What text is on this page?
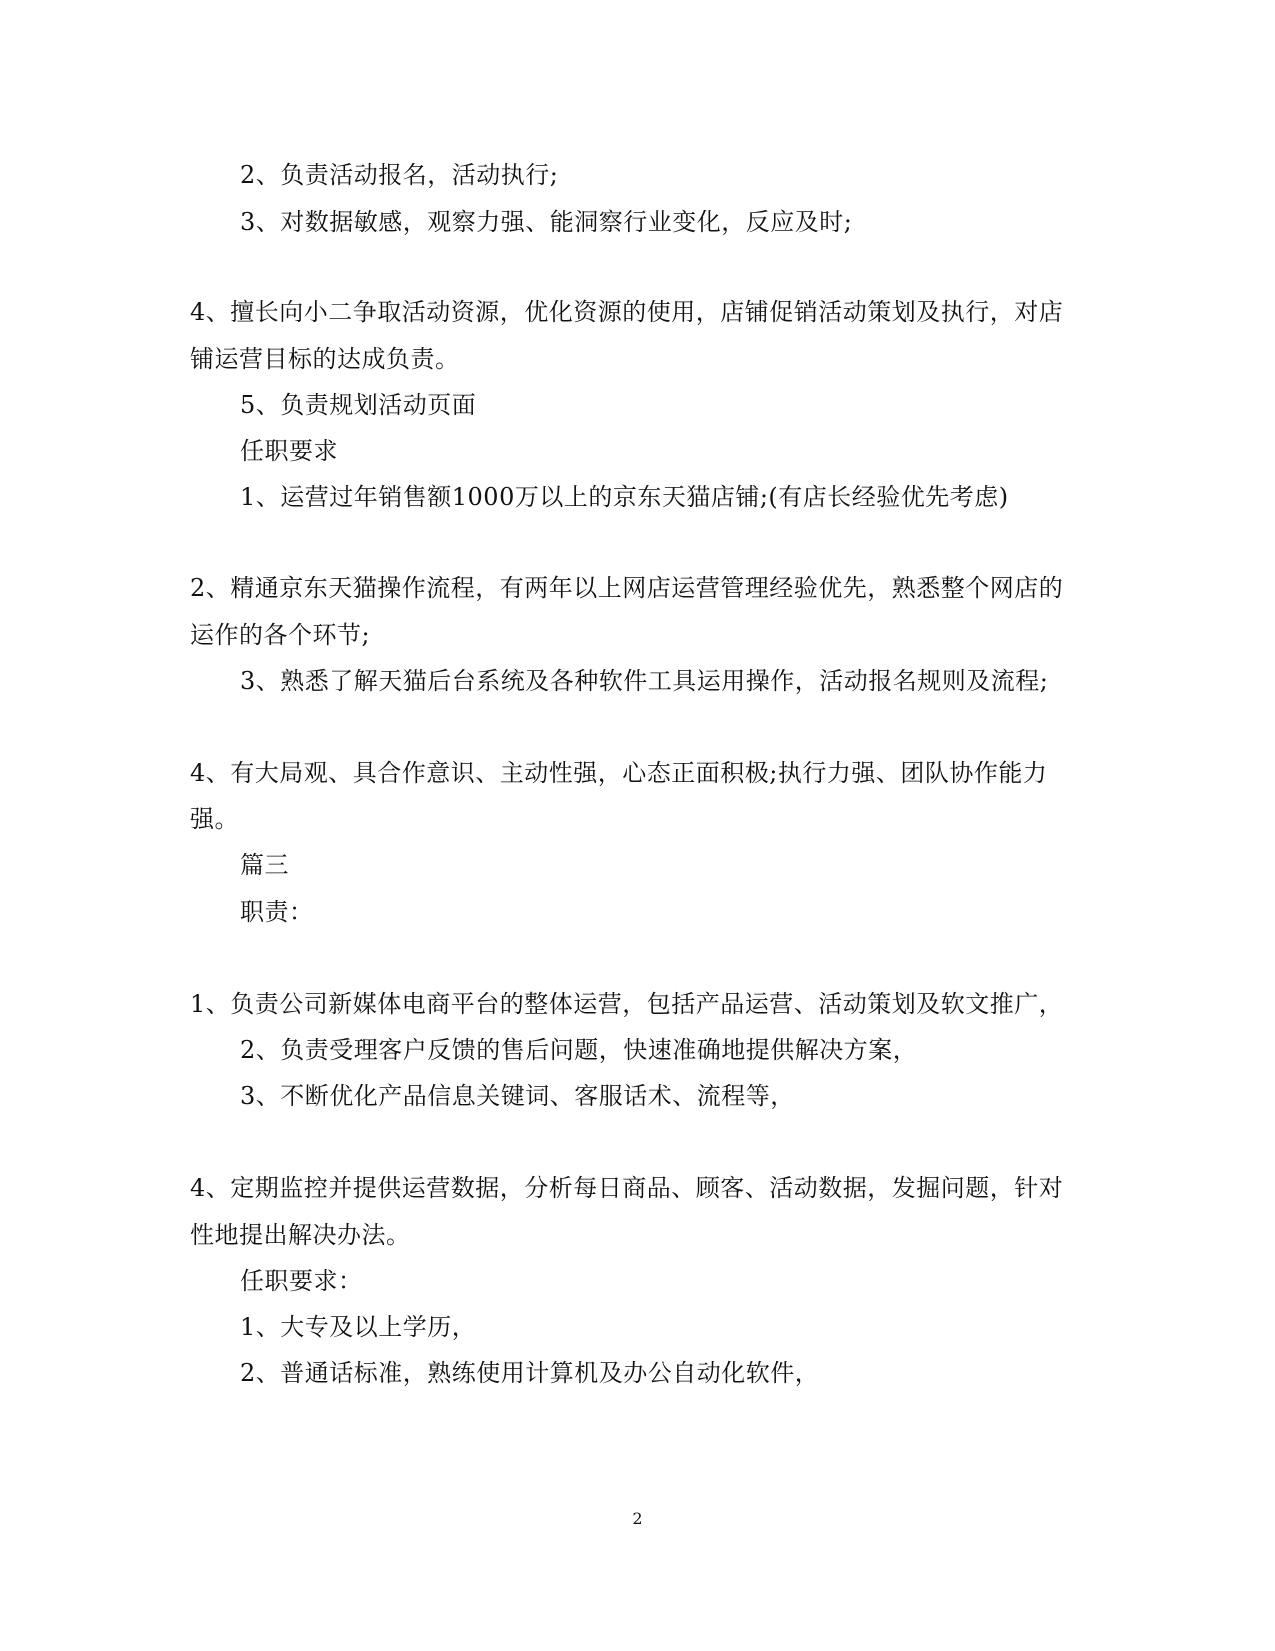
2、负责活动报名，活动执行;
3、对数据敏感，观察力强、能洞察行业变化，反应及时;
4、擅长向小二争取活动资源，优化资源的使用，店铺促销活动策划及执行，对店
铺运营目标的达成负责。
5、负责规划活动页面
任职要求
1、运营过年销售额1000万以上的京东天猫店铺;(有店长经验优先考虑)
2、精通京东天猫操作流程，有两年以上网店运营管理经验优先，熟悉整个网店的
运作的各个环节;
3、熟悉了解天猫后台系统及各种软件工具运用操作，活动报名规则及流程;
4、有大局观、具合作意识、主动性强，心态正面积极;执行力强、团队协作能力
强。
篇三
职责：
1、负责公司新媒体电商平台的整体运营，包括产品运营、活动策划及软文推广，
2、负责受理客户反馈的售后问题，快速准确地提供解决方案，
3、不断优化产品信息关键词、客服话术、流程等，
4、定期监控并提供运营数据，分析每日商品、顾客、活动数据，发掘问题，针对
性地提出解决办法。
任职要求：
1、大专及以上学历，
2、普通话标准，熟练使用计算机及办公自动化软件，
2
